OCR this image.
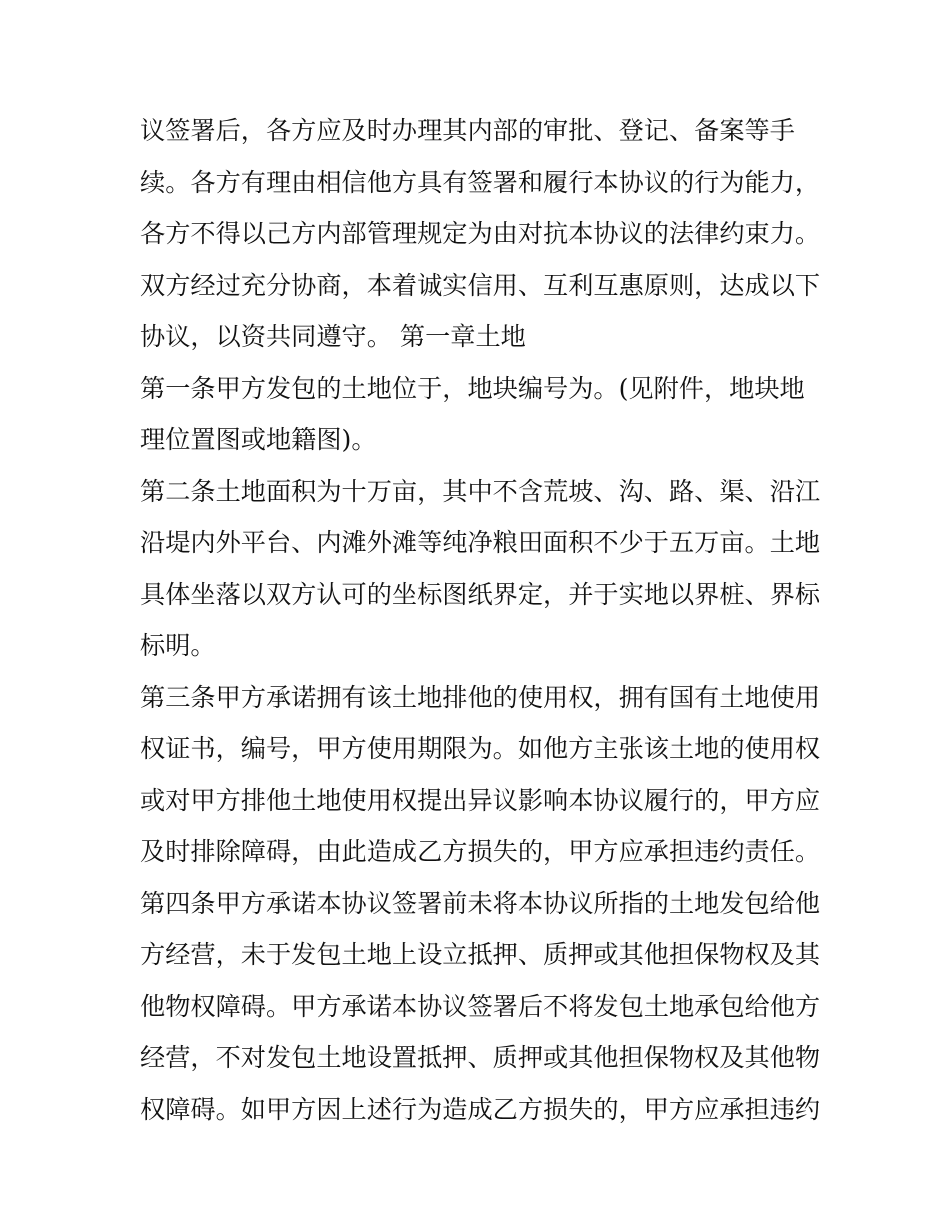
议签署后，各方应及时办理其内部的审批、登记、备案等手
续。各方有理由相信他方具有签署和履行本协议的行为能力，
各方不得以己方内部管理规定为由对抗本协议的法律约束力。
双方经过充分协商，本着诚实信用、互利互惠原则，达成以下
协议，以资共同遵守。 第一章土地

第一条甲方发包的土地位于，地块编号为。(见附件，地块地
理位置图或地籍图)。

第二条土地面积为十万亩，其中不含荒坡、沟、路、渠、沿江
沿堤内外平台、内滩外滩等纯净粮田面积不少于五万亩。土地
具体坐落以双方认可的坐标图纸界定，并于实地以界桩、界标
标明。

第三条甲方承诺拥有该土地排他的使用权，拥有国有土地使用
权证书，编号，甲方使用期限为。如他方主张该土地的使用权
或对甲方排他土地使用权提出异议影响本协议履行的，甲方应
及时排除障碍，由此造成乙方损失的，甲方应承担违约责任。

第四条甲方承诺本协议签署前未将本协议所指的土地发包给他
方经营，未于发包土地上设立抵押、质押或其他担保物权及其
他物权障碍。甲方承诺本协议签署后不将发包土地承包给他方
经营，不对发包土地设置抵押、质押或其他担保物权及其他物
权障碍。如甲方因上述行为造成乙方损失的，甲方应承担违约
